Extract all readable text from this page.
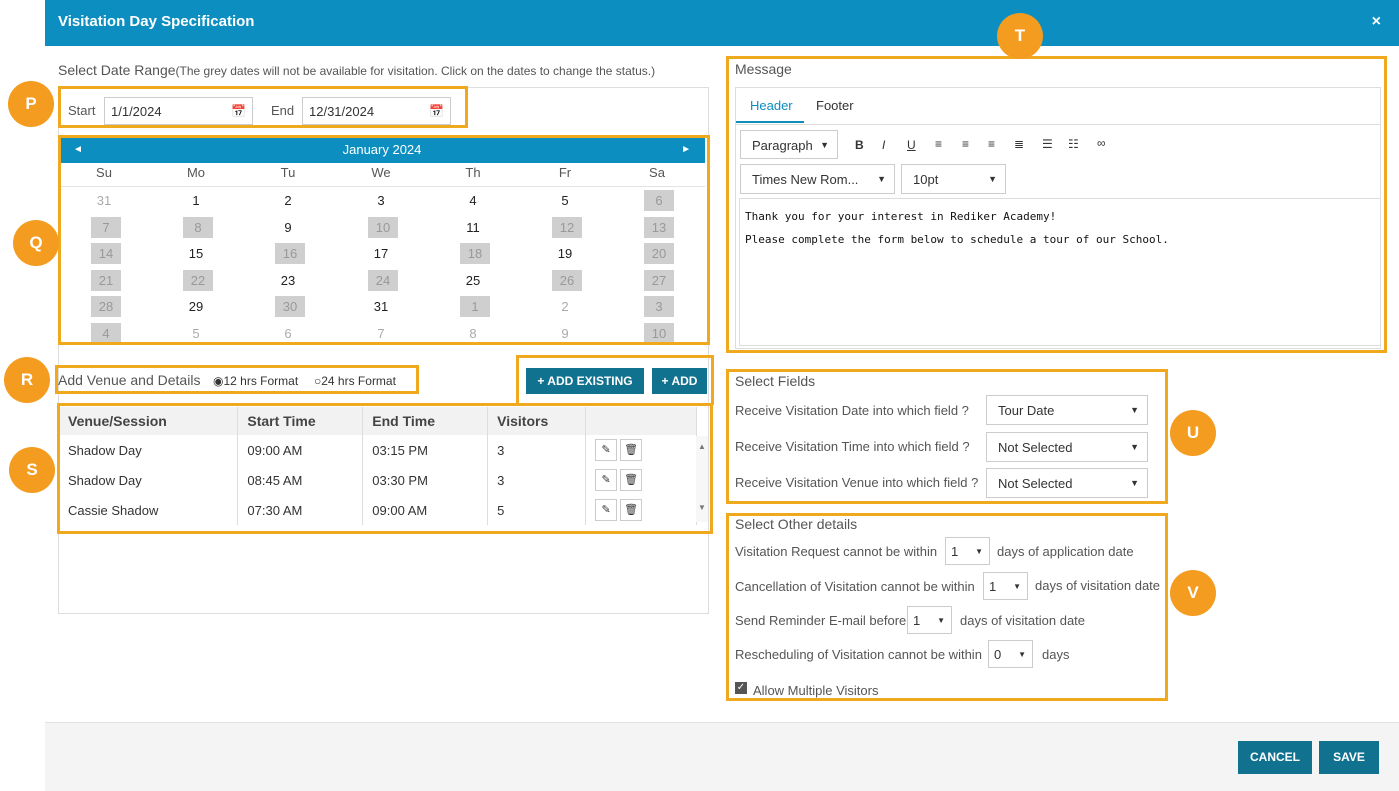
Visitation Day Specification	×
Select Date Range(The grey dates will not be available for visitation. Click on the dates to change the status.)
Start	1/1/2024	📅 End	12/31/2024	📅
◄	January 2024	►
Su	Mo	Tu	We	Th	Fr	Sa
31	1	2	3	4	5	6
7	8	9	10	11	12	13
14	15	16	17	18	19	20
21	22	23	24	25	26	27
28	29	30	31	1	2	3
4	5	6	7	8	9	10
Add Venue and Details ◉12 hrs Format ○24 hrs Format	+ ADD EXISTING	+ ADD
Venue/Session	Start Time	End Time	Visitors	
Shadow Day	09:00 AM	03:15 PM	3	✎ 🗑
Shadow Day	08:45 AM	03:30 PM	3	✎ 🗑
Cassie Shadow	07:30 AM	09:00 AM	5	✎ 🗑
▲
▼
Message
Header Footer
Paragraph ▼ B I U ≡ ≡ ≡ ≣ ☰ ☷ ∞
Times New Rom... ▼	10pt	▼
Thank you for your interest in Rediker Academy!
Please complete the form below to schedule a tour of our School.
Select Fields
Receive Visitation Date into which field ?	Tour Date	▼
Receive Visitation Time into which field ?	Not Selected	▼
Receive Visitation Venue into which field ?	Not Selected	▼
Select Other details
Visitation Request cannot be within	1 ▼ days of application date
Cancellation of Visitation cannot be within	1 ▼ days of visitation date
Send Reminder E-mail before 1 ▼ days of visitation date
Rescheduling of Visitation cannot be within 0 ▼ days
✓ Allow Multiple Visitors
CANCEL	SAVE
P
Q
R
S
T
U
V
